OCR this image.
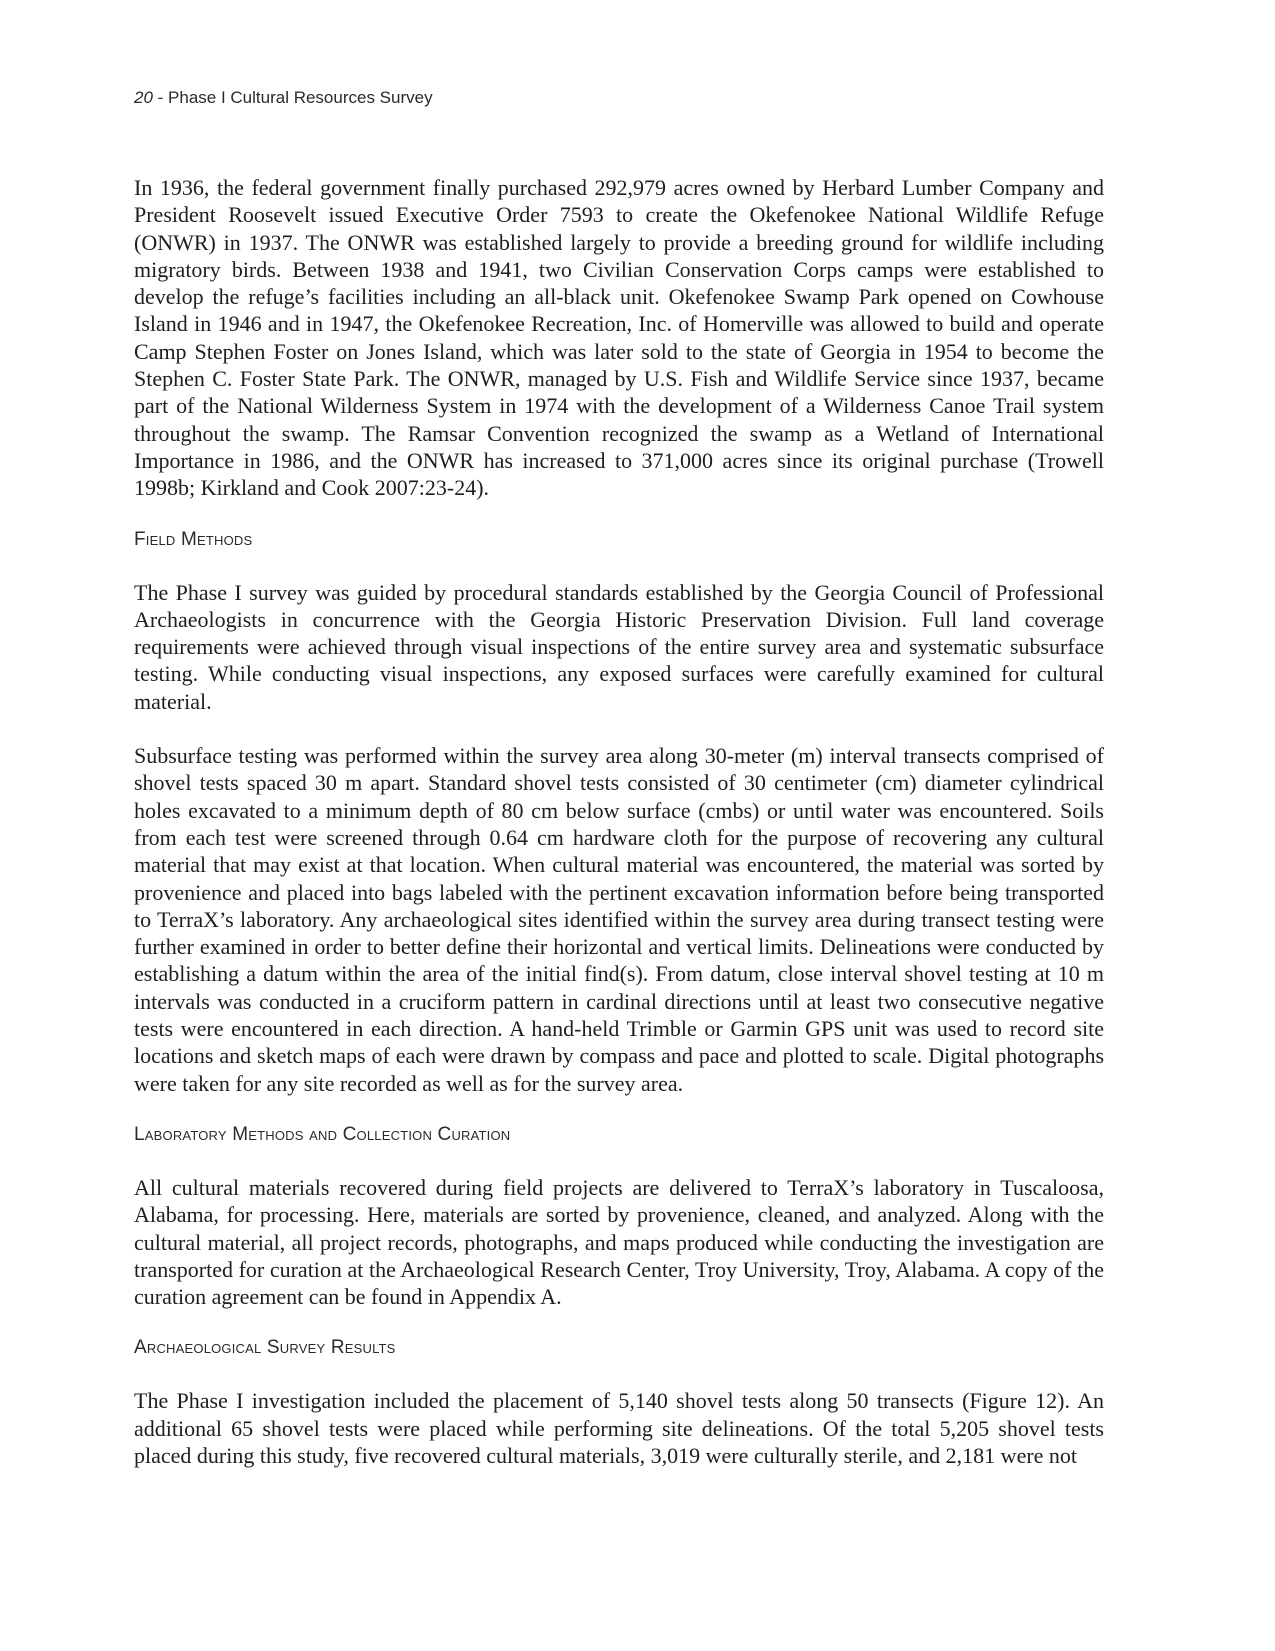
20 - Phase I Cultural Resources Survey

In 1936, the federal government finally purchased 292,979 acres owned by Herbard Lumber Company and President Roosevelt issued Executive Order 7593 to create the Okefenokee National Wildlife Refuge (ONWR) in 1937. The ONWR was established largely to provide a breeding ground for wildlife including migratory birds. Between 1938 and 1941, two Civilian Conservation Corps camps were established to develop the refuge’s facilities including an all-black unit. Okefenokee Swamp Park opened on Cowhouse Island in 1946 and in 1947, the Okefenokee Recreation, Inc. of Homerville was allowed to build and operate Camp Stephen Foster on Jones Island, which was later sold to the state of Georgia in 1954 to become the Stephen C. Foster State Park. The ONWR, managed by U.S. Fish and Wildlife Service since 1937, became part of the National Wilderness System in 1974 with the development of a Wilderness Canoe Trail system throughout the swamp. The Ramsar Convention recognized the swamp as a Wetland of International Importance in 1986, and the ONWR has increased to 371,000 acres since its original purchase (Trowell 1998b; Kirkland and Cook 2007:23-24).

Field Methods

The Phase I survey was guided by procedural standards established by the Georgia Council of Professional Archaeologists in concurrence with the Georgia Historic Preservation Division. Full land coverage requirements were achieved through visual inspections of the entire survey area and systematic subsurface testing. While conducting visual inspections, any exposed surfaces were carefully examined for cultural material.

Subsurface testing was performed within the survey area along 30-meter (m) interval transects comprised of shovel tests spaced 30 m apart. Standard shovel tests consisted of 30 centimeter (cm) diameter cylindrical holes excavated to a minimum depth of 80 cm below surface (cmbs) or until water was encountered. Soils from each test were screened through 0.64 cm hardware cloth for the purpose of recovering any cultural material that may exist at that location. When cultural material was encountered, the material was sorted by provenience and placed into bags labeled with the pertinent excavation information before being transported to TerraX’s laboratory. Any archaeological sites identified within the survey area during transect testing were further examined in order to better define their horizontal and vertical limits. Delineations were conducted by establishing a datum within the area of the initial find(s). From datum, close interval shovel testing at 10 m intervals was conducted in a cruciform pattern in cardinal directions until at least two consecutive negative tests were encountered in each direction. A hand-held Trimble or Garmin GPS unit was used to record site locations and sketch maps of each were drawn by compass and pace and plotted to scale. Digital photographs were taken for any site recorded as well as for the survey area.

Laboratory Methods and Collection Curation

All cultural materials recovered during field projects are delivered to TerraX’s laboratory in Tuscaloosa, Alabama, for processing. Here, materials are sorted by provenience, cleaned, and analyzed. Along with the cultural material, all project records, photographs, and maps produced while conducting the investigation are transported for curation at the Archaeological Research Center, Troy University, Troy, Alabama. A copy of the curation agreement can be found in Appendix A.

Archaeological Survey Results

The Phase I investigation included the placement of 5,140 shovel tests along 50 transects (Figure 12). An additional 65 shovel tests were placed while performing site delineations. Of the total 5,205 shovel tests placed during this study, five recovered cultural materials, 3,019 were culturally sterile, and 2,181 were not
